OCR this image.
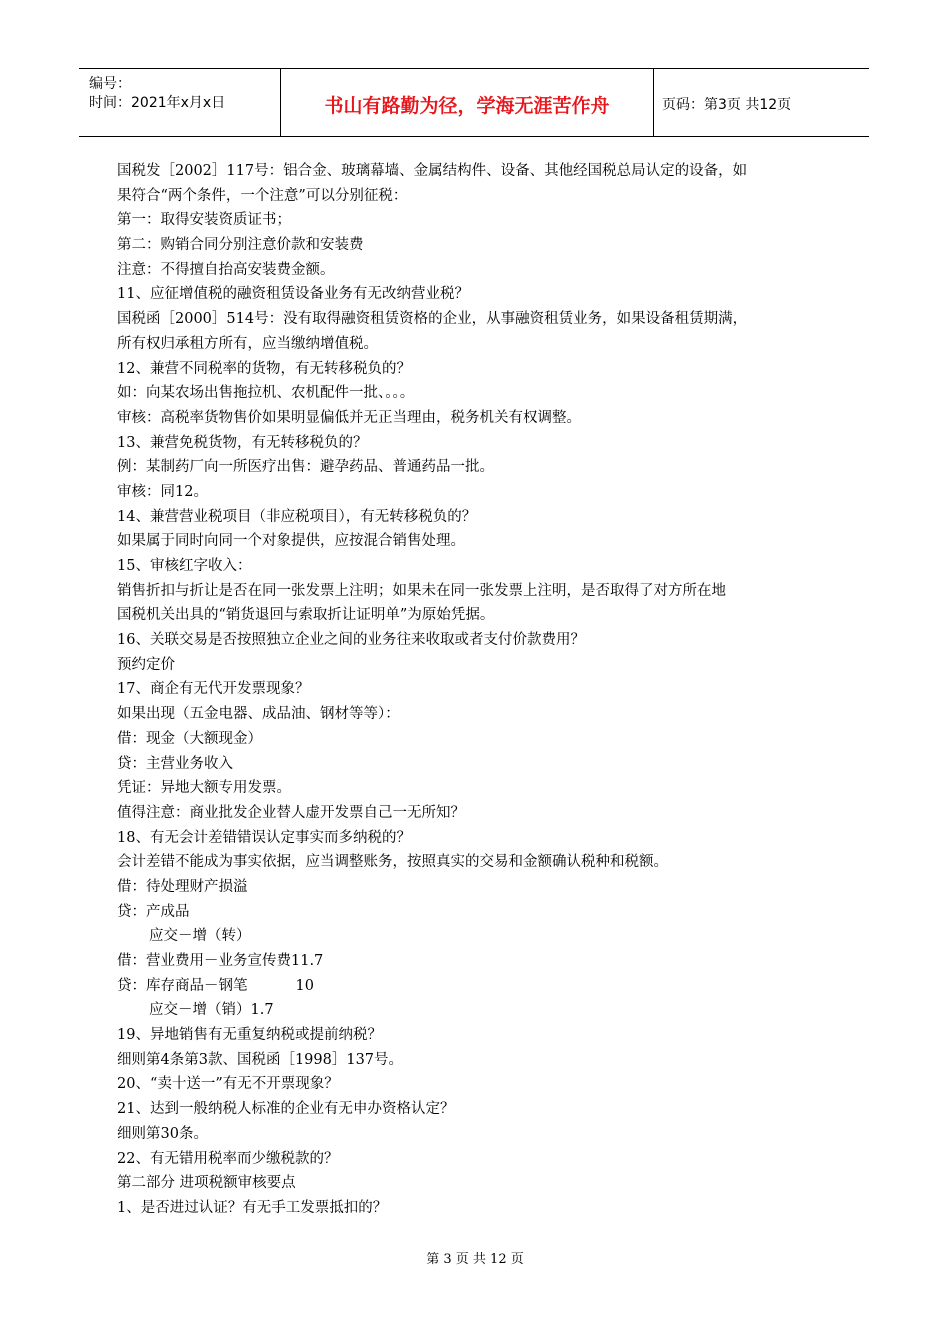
编号：
时间：2021年x月x日	书山有路勤为径，学海无涯苦作舟	页码：第3页 共12页
国税发［2002］117号：铝合金、玻璃幕墙、金属结构件、设备、其他经国税总局认定的设备，如
果符合“两个条件，一个注意”可以分别征税：
第一：取得安装资质证书；
第二：购销合同分别注意价款和安装费
注意：不得擅自抬高安装费金额。
11、应征增值税的融资租赁设备业务有无改纳营业税？
国税函［2000］514号：没有取得融资租赁资格的企业，从事融资租赁业务，如果设备租赁期满，
所有权归承租方所有，应当缴纳增值税。
12、兼营不同税率的货物，有无转移税负的？
如：向某农场出售拖拉机、农机配件一批、。。。
审核：高税率货物售价如果明显偏低并无正当理由，税务机关有权调整。
13、兼营免税货物，有无转移税负的？
例：某制药厂向一所医疗出售：避孕药品、普通药品一批。
审核：同12。
14、兼营营业税项目（非应税项目），有无转移税负的？
如果属于同时向同一个对象提供，应按混合销售处理。
15、审核红字收入：
销售折扣与折让是否在同一张发票上注明；如果未在同一张发票上注明，是否取得了对方所在地
国税机关出具的“销货退回与索取折让证明单”为原始凭据。
16、关联交易是否按照独立企业之间的业务往来收取或者支付价款费用？
预约定价
17、商企有无代开发票现象？
如果出现（五金电器、成品油、钢材等等）：
借：现金（大额现金）
贷：主营业务收入
凭证：异地大额专用发票。
值得注意：商业批发企业替人虚开发票自己一无所知？
18、有无会计差错错误认定事实而多纳税的？
会计差错不能成为事实依据，应当调整账务，按照真实的交易和金额确认税种和税额。
借：待处理财产损溢
贷：产成品
应交－增（转）
借：营业费用－业务宣传费11.7
贷：库存商品－钢笔	10
应交－增（销）1.7
19、异地销售有无重复纳税或提前纳税？
细则第4条第3款、国税函［1998］137号。
20、“卖十送一”有无不开票现象？
21、达到一般纳税人标准的企业有无申办资格认定？
细则第30条。
22、有无错用税率而少缴税款的？
第二部分 进项税额审核要点
1、是否进过认证？有无手工发票抵扣的？
第 3 页 共 12 页
